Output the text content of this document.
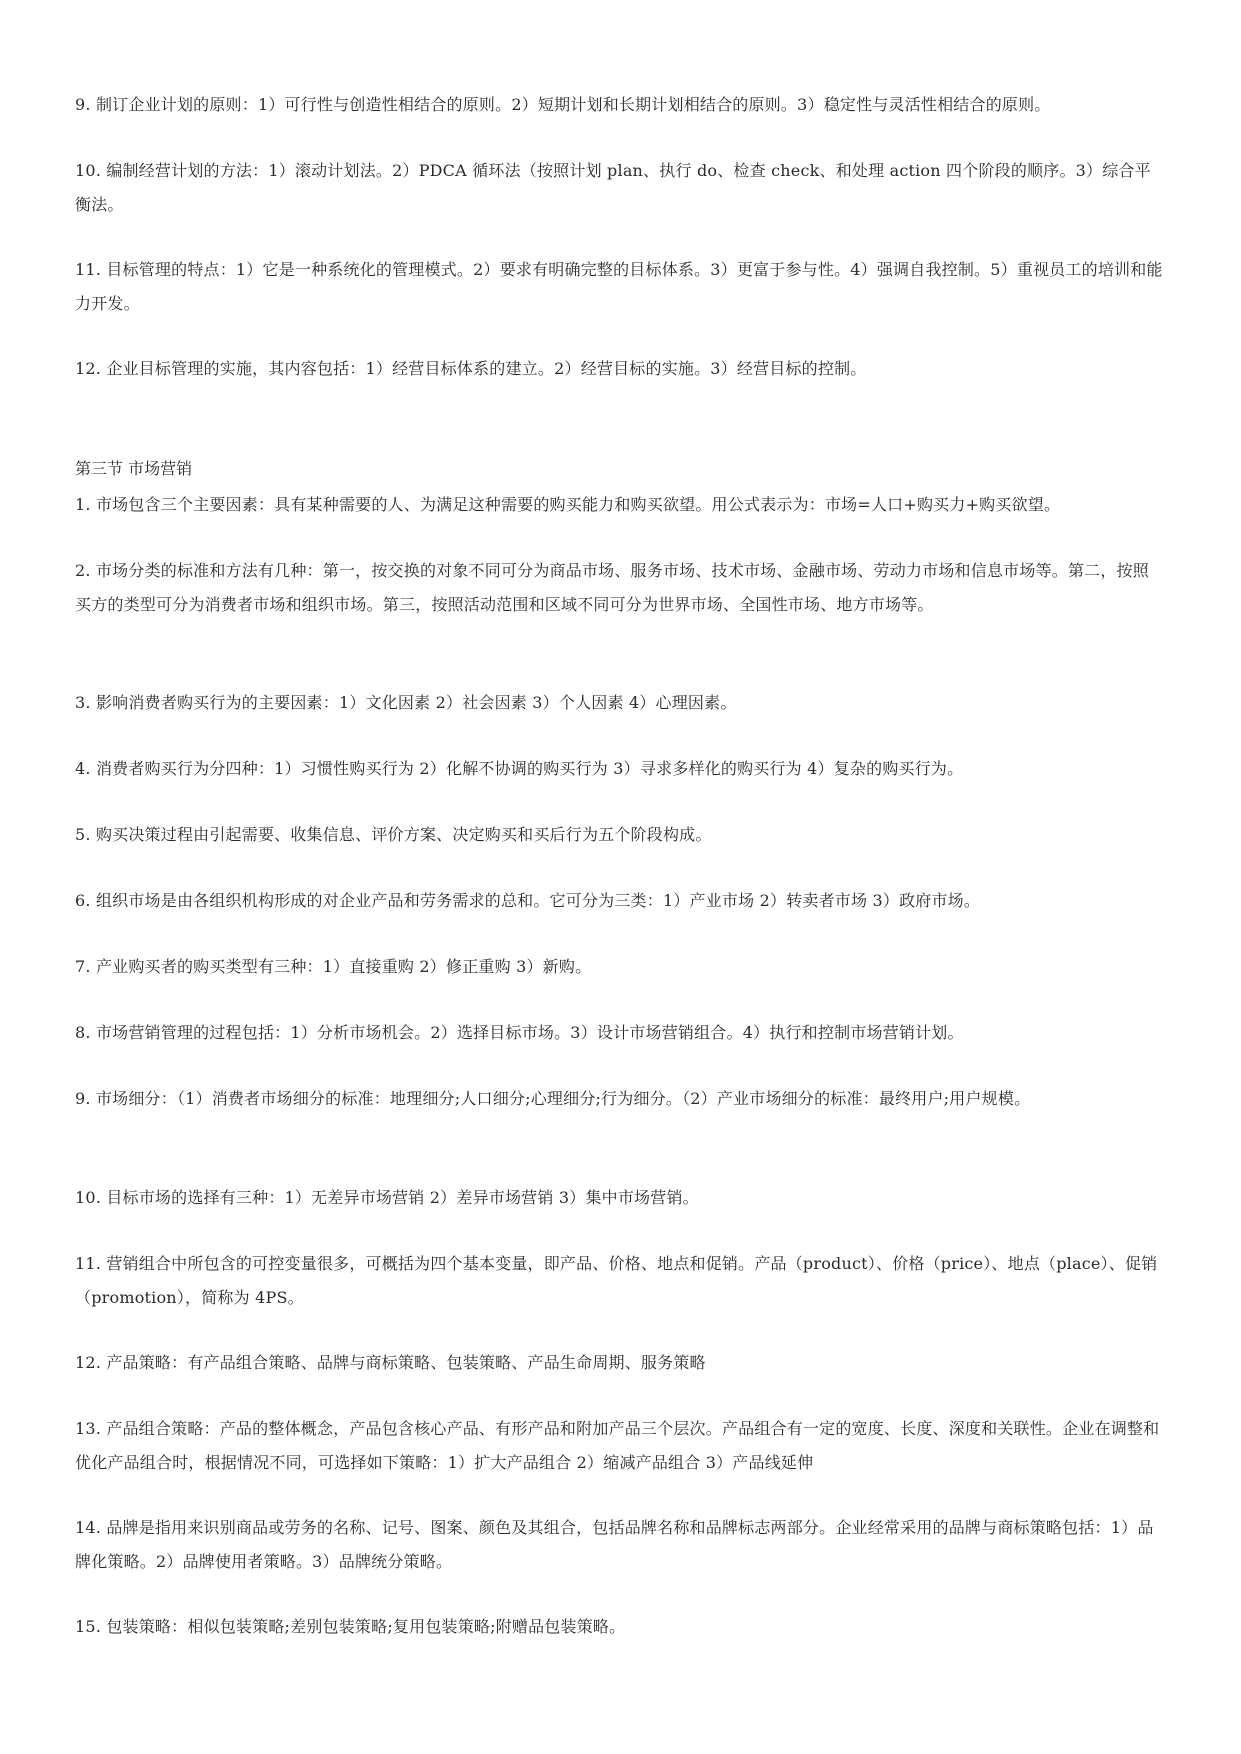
9. 制订企业计划的原则：1）可行性与创造性相结合的原则。2）短期计划和长期计划相结合的原则。3）稳定性与灵活性相结合的原则。

10. 编制经营计划的方法：1）滚动计划法。2）PDCA 循环法（按照计划 plan、执行 do、检查 check、和处理 action 四个阶段的顺序。3）综合平衡法。

11. 目标管理的特点：1）它是一种系统化的管理模式。2）要求有明确完整的目标体系。3）更富于参与性。4）强调自我控制。5）重视员工的培训和能力开发。

12. 企业目标管理的实施，其内容包括：1）经营目标体系的建立。2）经营目标的实施。3）经营目标的控制。

第三节 市场营销

1. 市场包含三个主要因素：具有某种需要的人、为满足这种需要的购买能力和购买欲望。用公式表示为：市场=人口+购买力+购买欲望。

2. 市场分类的标准和方法有几种：第一，按交换的对象不同可分为商品市场、服务市场、技术市场、金融市场、劳动力市场和信息市场等。第二，按照买方的类型可分为消费者市场和组织市场。第三，按照活动范围和区域不同可分为世界市场、全国性市场、地方市场等。

3. 影响消费者购买行为的主要因素：1）文化因素 2）社会因素 3）个人因素 4）心理因素。

4. 消费者购买行为分四种：1）习惯性购买行为 2）化解不协调的购买行为 3）寻求多样化的购买行为 4）复杂的购买行为。

5. 购买决策过程由引起需要、收集信息、评价方案、决定购买和买后行为五个阶段构成。

6. 组织市场是由各组织机构形成的对企业产品和劳务需求的总和。它可分为三类：1）产业市场 2）转卖者市场 3）政府市场。

7. 产业购买者的购买类型有三种：1）直接重购 2）修正重购 3）新购。

8. 市场营销管理的过程包括：1）分析市场机会。2）选择目标市场。3）设计市场营销组合。4）执行和控制市场营销计划。

9. 市场细分：（1）消费者市场细分的标准：地理细分;人口细分;心理细分;行为细分。（2）产业市场细分的标准：最终用户;用户规模。

10. 目标市场的选择有三种：1）无差异市场营销 2）差异市场营销 3）集中市场营销。

11. 营销组合中所包含的可控变量很多，可概括为四个基本变量，即产品、价格、地点和促销。产品（product）、价格（price）、地点（place）、促销（promotion），简称为 4PS。

12. 产品策略：有产品组合策略、品牌与商标策略、包装策略、产品生命周期、服务策略

13. 产品组合策略：产品的整体概念，产品包含核心产品、有形产品和附加产品三个层次。产品组合有一定的宽度、长度、深度和关联性。企业在调整和优化产品组合时，根据情况不同，可选择如下策略：1）扩大产品组合 2）缩减产品组合 3）产品线延伸

14. 品牌是指用来识别商品或劳务的名称、记号、图案、颜色及其组合，包括品牌名称和品牌标志两部分。企业经常采用的品牌与商标策略包括：1）品牌化策略。2）品牌使用者策略。3）品牌统分策略。

15. 包装策略：相似包装策略;差别包装策略;复用包装策略;附赠品包装策略。
